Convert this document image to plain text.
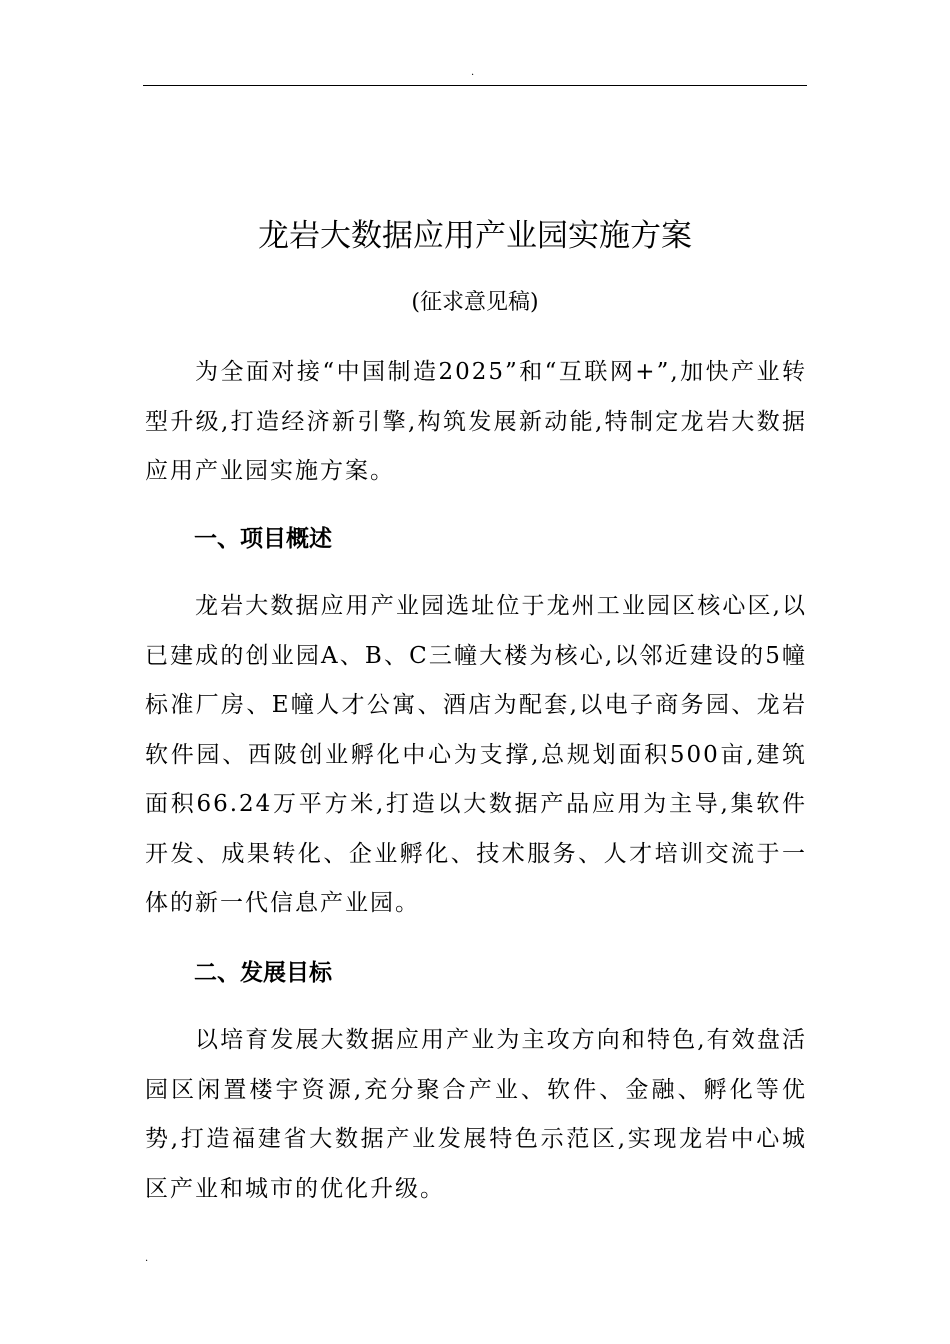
.
龙岩大数据应用产业园实施方案

(征求意见稿)

为全面对接“中国制造2025”和“互联网+”,加快产业转型升级,打造经济新引擎,构筑发展新动能,特制定龙岩大数据应用产业园实施方案。

一、项目概述

龙岩大数据应用产业园选址位于龙州工业园区核心区,以已建成的创业园A、B、C三幢大楼为核心,以邻近建设的5幢标准厂房、E幢人才公寓、酒店为配套,以电子商务园、龙岩软件园、西陂创业孵化中心为支撑,总规划面积500亩,建筑面积66.24万平方米,打造以大数据产品应用为主导,集软件开发、成果转化、企业孵化、技术服务、人才培训交流于一体的新一代信息产业园。

二、发展目标

以培育发展大数据应用产业为主攻方向和特色,有效盘活园区闲置楼宇资源,充分聚合产业、软件、金融、孵化等优势,打造福建省大数据产业发展特色示范区,实现龙岩中心城区产业和城市的优化升级。

.
